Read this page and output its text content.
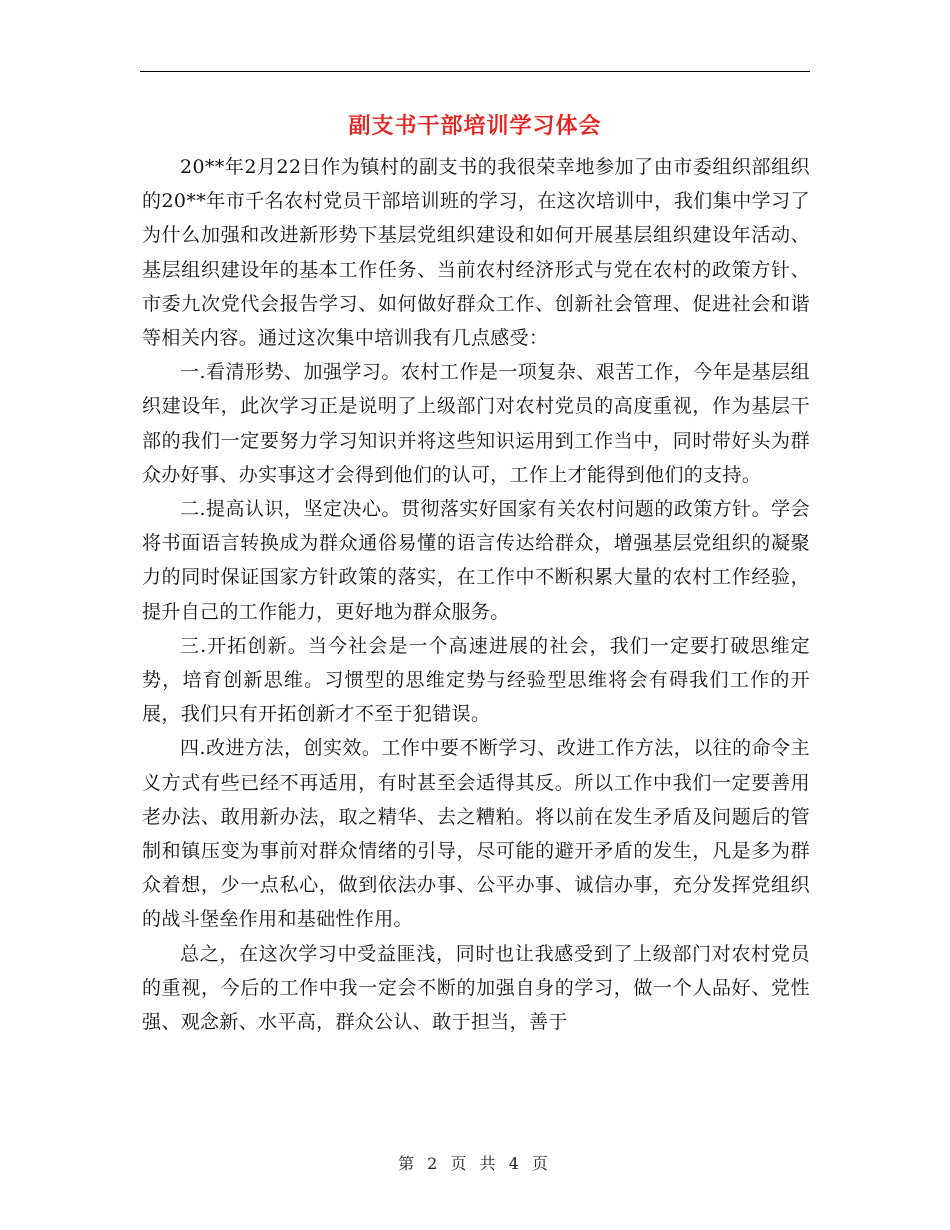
副支书干部培训学习体会

20**年2月22日作为镇村的副支书的我很荣幸地参加了由市委组织部组织的20**年市千名农村党员干部培训班的学习，在这次培训中，我们集中学习了为什么加强和改进新形势下基层党组织建设和如何开展基层组织建设年活动、基层组织建设年的基本工作任务、当前农村经济形式与党在农村的政策方针、市委九次党代会报告学习、如何做好群众工作、创新社会管理、促进社会和谐等相关内容。通过这次集中培训我有几点感受：

一.看清形势、加强学习。农村工作是一项复杂、艰苦工作，今年是基层组织建设年，此次学习正是说明了上级部门对农村党员的高度重视，作为基层干部的我们一定要努力学习知识并将这些知识运用到工作当中，同时带好头为群众办好事、办实事这才会得到他们的认可，工作上才能得到他们的支持。

二.提高认识，坚定决心。贯彻落实好国家有关农村问题的政策方针。学会将书面语言转换成为群众通俗易懂的语言传达给群众，增强基层党组织的凝聚力的同时保证国家方针政策的落实，在工作中不断积累大量的农村工作经验，提升自己的工作能力，更好地为群众服务。

三.开拓创新。当今社会是一个高速进展的社会，我们一定要打破思维定势，培育创新思维。习惯型的思维定势与经验型思维将会有碍我们工作的开展，我们只有开拓创新才不至于犯错误。

四.改进方法，创实效。工作中要不断学习、改进工作方法，以往的命令主义方式有些已经不再适用，有时甚至会适得其反。所以工作中我们一定要善用老办法、敢用新办法，取之精华、去之糟粕。将以前在发生矛盾及问题后的管制和镇压变为事前对群众情绪的引导，尽可能的避开矛盾的发生，凡是多为群众着想，少一点私心，做到依法办事、公平办事、诚信办事，充分发挥党组织的战斗堡垒作用和基础性作用。

总之，在这次学习中受益匪浅，同时也让我感受到了上级部门对农村党员的重视，今后的工作中我一定会不断的加强自身的学习，做一个人品好、党性强、观念新、水平高，群众公认、敢于担当，善于

第 2 页 共 4 页
